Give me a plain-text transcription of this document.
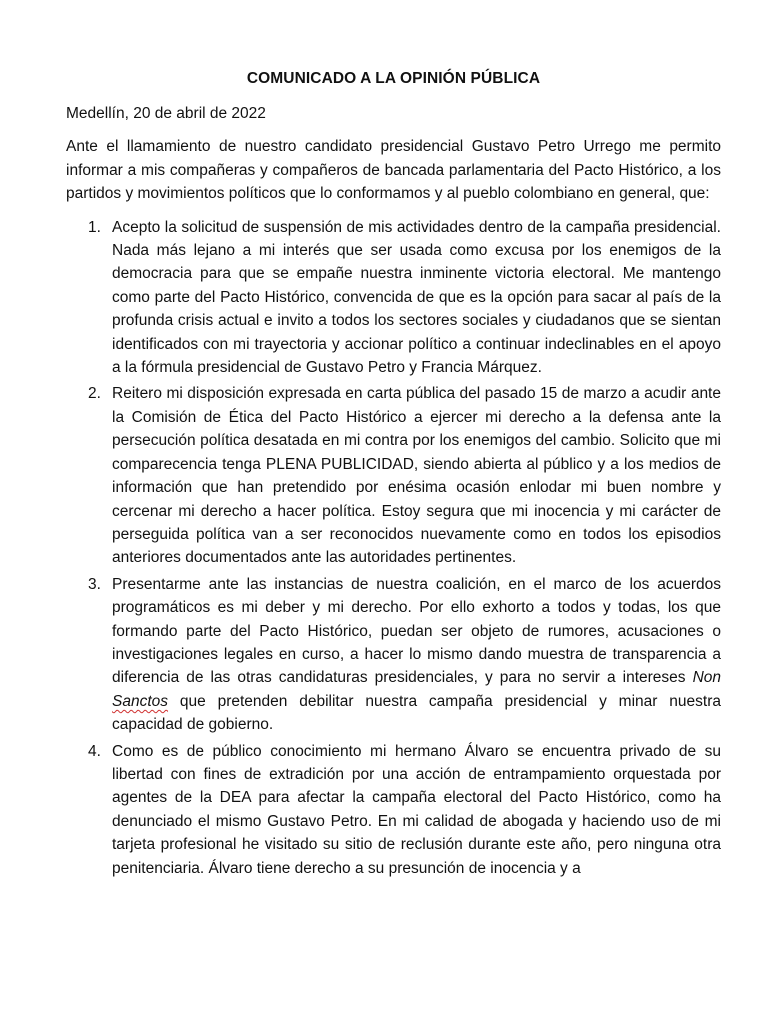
COMUNICADO A LA OPINIÓN PÚBLICA

Medellín, 20 de abril de 2022

Ante el llamamiento de nuestro candidato presidencial Gustavo Petro Urrego me permito informar a mis compañeras y compañeros de bancada parlamentaria del Pacto Histórico, a los partidos y movimientos políticos que lo conformamos y al pueblo colombiano en general, que:

1. Acepto la solicitud de suspensión de mis actividades dentro de la campaña presidencial. Nada más lejano a mi interés que ser usada como excusa por los enemigos de la democracia para que se empañe nuestra inminente victoria electoral. Me mantengo como parte del Pacto Histórico, convencida de que es la opción para sacar al país de la profunda crisis actual e invito a todos los sectores sociales y ciudadanos que se sientan identificados con mi trayectoria y accionar político a continuar indeclinables en el apoyo a la fórmula presidencial de Gustavo Petro y Francia Márquez.
2. Reitero mi disposición expresada en carta pública del pasado 15 de marzo a acudir ante la Comisión de Ética del Pacto Histórico a ejercer mi derecho a la defensa ante la persecución política desatada en mi contra por los enemigos del cambio. Solicito que mi comparecencia tenga PLENA PUBLICIDAD, siendo abierta al público y a los medios de información que han pretendido por enésima ocasión enlodar mi buen nombre y cercenar mi derecho a hacer política. Estoy segura que mi inocencia y mi carácter de perseguida política van a ser reconocidos nuevamente como en todos los episodios anteriores documentados ante las autoridades pertinentes.
3. Presentarme ante las instancias de nuestra coalición, en el marco de los acuerdos programáticos es mi deber y mi derecho. Por ello exhorto a todos y todas, los que formando parte del Pacto Histórico, puedan ser objeto de rumores, acusaciones o investigaciones legales en curso, a hacer lo mismo dando muestra de transparencia a diferencia de las otras candidaturas presidenciales, y para no servir a intereses Non Sanctos que pretenden debilitar nuestra campaña presidencial y minar nuestra capacidad de gobierno.
4. Como es de público conocimiento mi hermano Álvaro se encuentra privado de su libertad con fines de extradición por una acción de entrampamiento orquestada por agentes de la DEA para afectar la campaña electoral del Pacto Histórico, como ha denunciado el mismo Gustavo Petro. En mi calidad de abogada y haciendo uso de mi tarjeta profesional he visitado su sitio de reclusión durante este año, pero ninguna otra penitenciaria. Álvaro tiene derecho a su presunción de inocencia y a
